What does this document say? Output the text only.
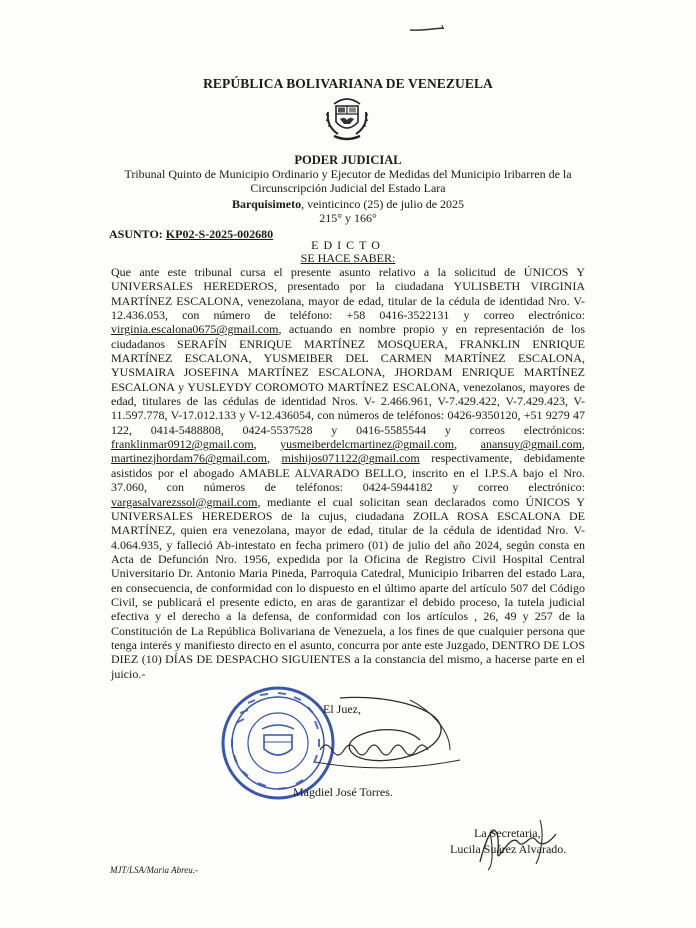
REPÚBLICA BOLIVARIANA DE VENEZUELA
PODER JUDICIAL
Tribunal Quinto de Municipio Ordinario y Ejecutor de Medidas del Municipio Iribarren de la Circunscripción Judicial del Estado Lara
Barquisimeto, veinticinco (25) de julio de 2025
215° y 166°
ASUNTO: KP02-S-2025-002680
EDICTO
SE HACE SABER:
Que ante este tribunal cursa el presente asunto relativo a la solicitud de ÚNICOS Y UNIVERSALES HEREDEROS, presentado por la ciudadana YULISBETH VIRGINIA MARTÍNEZ ESCALONA, venezolana, mayor de edad, titular de la cédula de identidad Nro. V-12.436.053, con número de teléfono: +58 0416-3522131 y correo electrónico: virginia.escalona0675@gmail.com, actuando en nombre propio y en representación de los ciudadanos SERAFÍN ENRIQUE MARTÍNEZ MOSQUERA, FRANKLIN ENRIQUE MARTÍNEZ ESCALONA, YUSMEIBER DEL CARMEN MARTÍNEZ ESCALONA, YUSMAIRA JOSEFINA MARTÍNEZ ESCALONA, JHORDAM ENRIQUE MARTÍNEZ ESCALONA y YUSLEYDY COROMOTO MARTÍNEZ ESCALONA, venezolanos, mayores de edad, titulares de las cédulas de identidad Nros. V- 2.466.961, V-7.429.422, V-7.429.423, V-11.597.778, V-17.012.133 y V-12.436054, con números de teléfonos: 0426-9350120, +51 9279 47 122, 0414-5488808, 0424-5537528 y 0416-5585544 y correos electrónicos: franklinmar0912@gmail.com, yusmeiberdelcmartinez@gmail.com, anansuy@gmail.com, martinezjhordam76@gmail.com, mishijos071122@gmail.com respectivamente, debidamente asistidos por el abogado AMABLE ALVARADO BELLO, inscrito en el I.P.S.A bajo el Nro. 37.060, con números de teléfonos: 0424-5944182 y correo electrónico: vargasalvarezssol@gmail.com, mediante el cual solicitan sean declarados como ÚNICOS Y UNIVERSALES HEREDEROS de la cujus, ciudadana ZOILA ROSA ESCALONA DE MARTÍNEZ, quien era venezolana, mayor de edad, titular de la cédula de identidad Nro. V-4.064.935, y falleció Ab-intestato en fecha primero (01) de julio del año 2024, según consta en Acta de Defunción Nro. 1956, expedida por la Oficina de Registro Civil Hospital Central Universitario Dr. Antonio Maria Pineda, Parroquia Catedral, Municipio Iribarren del estado Lara, en consecuencia, de conformidad con lo dispuesto en el último aparte del artículo 507 del Código Civil, se publicará el presente edicto, en aras de garantizar el debido proceso, la tutela judicial efectiva y el derecho a la defensa, de conformidad con los artículos , 26, 49 y 257 de la Constitución de La República Bolivariana de Venezuela, a los fines de que cualquier persona que tenga interés y manifiesto directo en el asunto, concurra por ante este Juzgado, DENTRO DE LOS DIEZ (10) DÍAS DE DESPACHO SIGUIENTES a la constancia del mismo, a hacerse parte en el juicio.-
El Juez,
Magdiel José Torres.
La Secretaria,
Lucila Suárez Alvarado.
MJT/LSA/Maria Abreu.-
